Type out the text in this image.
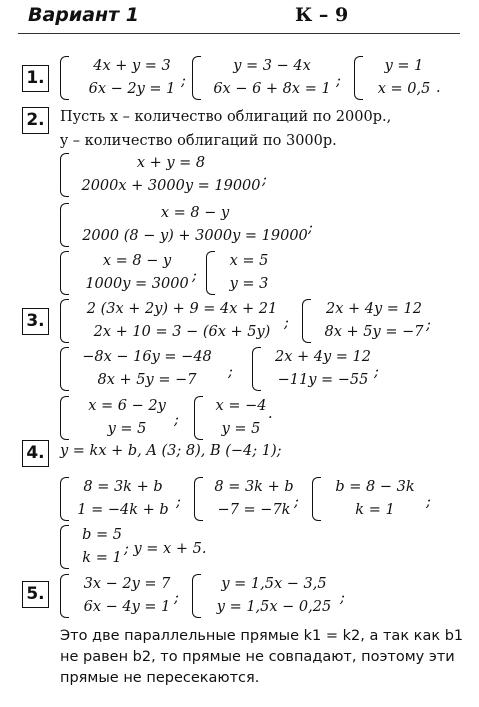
Вариант 1	К – 9
1.
4x + y = 3
6x − 2y = 1 ;
y = 3 − 4x
6x − 6 + 8x = 1 ;
y = 1
x = 0,5 .
2.	Пусть x – количество облигаций по 2000р.,
y – количество облигаций по 3000р.
x + y = 8
2000x + 3000y = 19000 ;
x = 8 − y
2000 (8 − y) + 3000y = 19000 ;
x = 8 − y
1000y = 3000 ;
x = 5
y = 3
3.
2 (3x + 2y) + 9 = 4x + 21
2x + 10 = 3 − (6x + 5y)
;
2x + 4y = 12
8x + 5y = −7 ;
−8x − 16y = −48
8x + 5y = −7	;
2x + 4y = 12
−11y = −55 ;
x = 6 − 2y
y = 5
;
x = −4
y = 5
.
4.	y = kx + b, A (3; 8), B (−4; 1);
8 = 3k + b
1 = −4k + b ;
8 = 3k + b
−7 = −7k ;
b = 8 − 3k
k = 1	;
b = 5
k = 1
; y = x + 5.
5.	3x − 2y = 7
6x − 4y = 1
;
y = 1,5x − 3,5
y = 1,5x − 0,25
;
Это две параллельные прямые k1 = k2, а так как b1 не равен b2, то прямые не совпадают, поэтому эти прямые не пересекаются.
